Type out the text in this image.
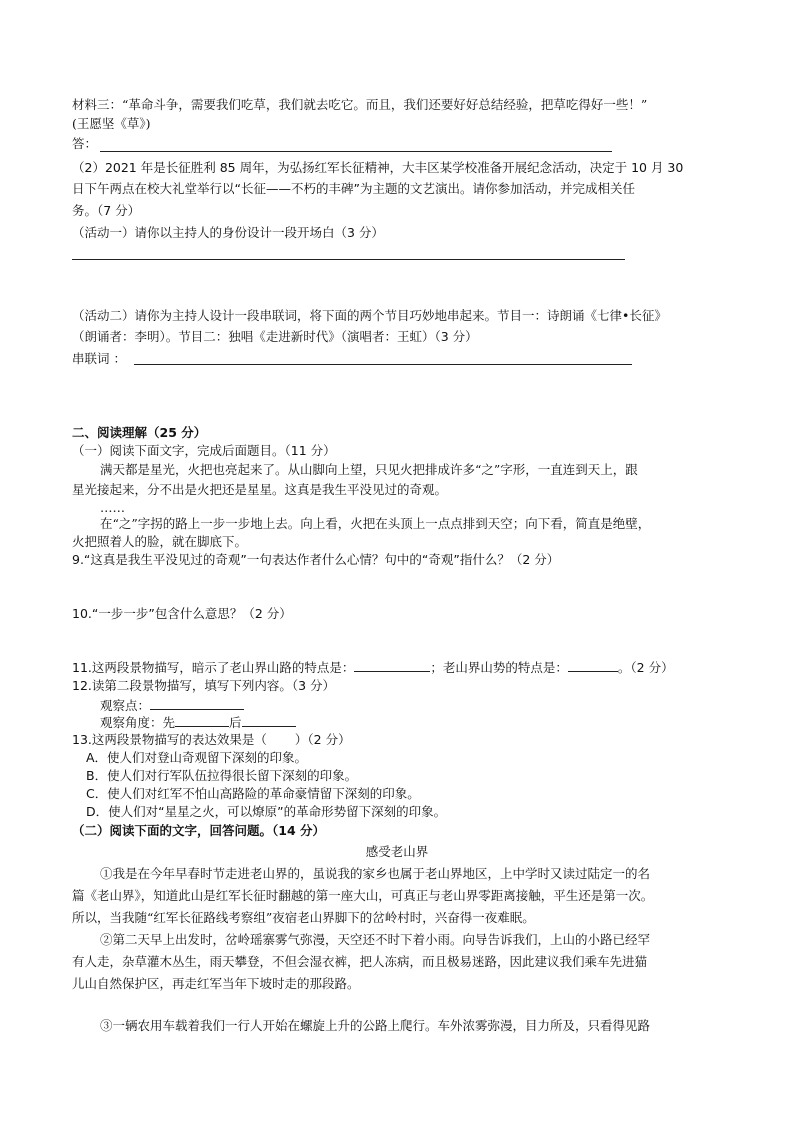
材料三：“革命斗争，需要我们吃草，我们就去吃它。而且，我们还要好好总结经验，把草吃得好一些！”
(王愿坚《草》)
答：
（2）2021 年是长征胜利 85 周年，为弘扬红军长征精神，大丰区某学校准备开展纪念活动，决定于 10 月 30
日下午两点在校大礼堂举行以“长征——不朽的丰碑”为主题的文艺演出。请你参加活动，并完成相关任
务。（7 分）
（活动一）请你以主持人的身份设计一段开场白（3 分）
（活动二）请你为主持人设计一段串联词，将下面的两个节目巧妙地串起来。节目一：诗朗诵《七律•长征》
（朗诵者：李明）。节目二：独唱《走进新时代》（演唱者：王虹）（3 分）
串联词 ：
二、阅读理解（25 分）
（一）阅读下面文字，完成后面题目。（11 分）
满天都是星光，火把也亮起来了。从山脚向上望，只见火把排成许多“之”字形，一直连到天上，跟
星光接起来，分不出是火把还是星星。这真是我生平没见过的奇观。
……
在“之”字拐的路上一步一步地上去。向上看，火把在头顶上一点点排到天空；向下看，简直是绝壁，
火把照着人的脸，就在脚底下。
9.“这真是我生平没见过的奇观”一句表达作者什么心情？句中的“奇观”指什么？（2 分）
10.“一步一步”包含什么意思？（2 分）
11.这两段景物描写，暗示了老山界山路的特点是：	；老山界山势的特点是：	。（2 分）
12.读第二段景物描写，填写下列内容。（3 分）
观察点：
观察角度：先	后
13.这两段景物描写的表达效果是（ ）（2 分）
A．使人们对登山奇观留下深刻的印象。
B．使人们对行军队伍拉得很长留下深刻的印象。
C．使人们对红军不怕山高路险的革命豪情留下深刻的印象。
D．使人们对“星星之火，可以燎原”的革命形势留下深刻的印象。
（二）阅读下面的文字，回答问题。（14 分）
感受老山界
①我是在今年早春时节走进老山界的，虽说我的家乡也属于老山界地区，上中学时又读过陆定一的名
篇《老山界》，知道此山是红军长征时翻越的第一座大山，可真正与老山界零距离接触，平生还是第一次。
所以，当我随“红军长征路线考察组”夜宿老山界脚下的岔岭村时，兴奋得一夜难眠。
②第二天早上出发时，岔岭瑶寨雾气弥漫，天空还不时下着小雨。向导告诉我们，上山的小路已经罕
有人走，杂草灌木丛生，雨天攀登，不但会湿衣裤，把人冻病，而且极易迷路，因此建议我们乘车先进猫
儿山自然保护区，再走红军当年下坡时走的那段路。
③一辆农用车载着我们一行人开始在螺旋上升的公路上爬行。车外浓雾弥漫，目力所及，只看得见路
